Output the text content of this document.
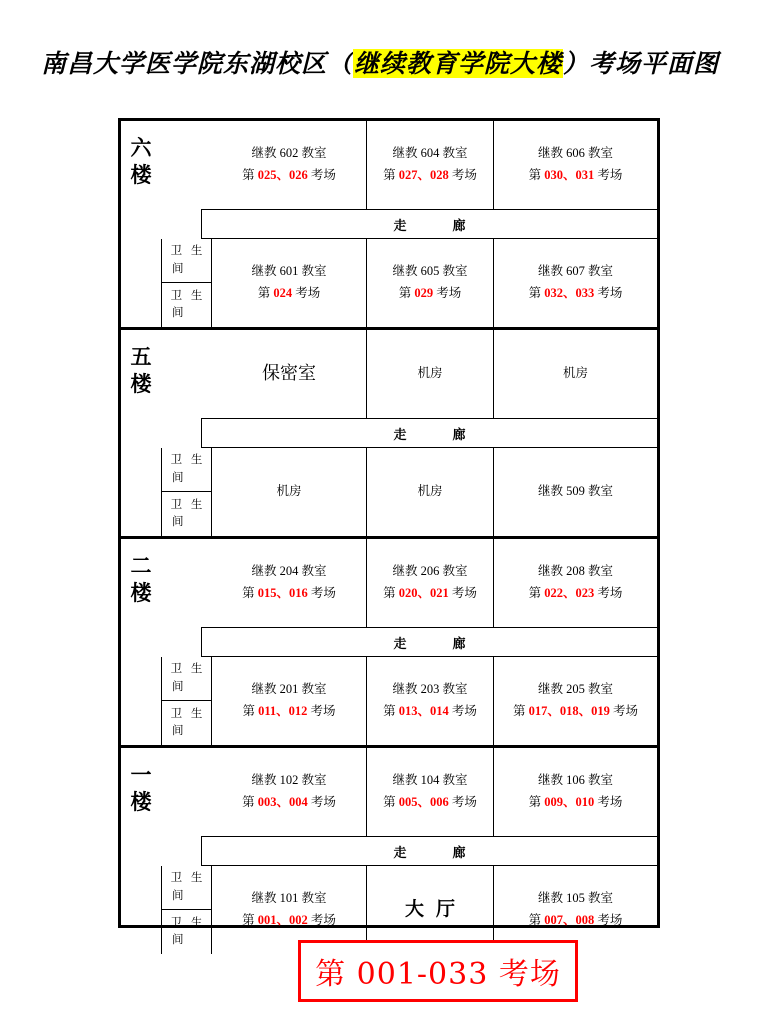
南昌大学医学院东湖校区（继续教育学院大楼）考场平面图
六楼
继教 602 教室
第 025、026 考场
继教 604 教室
第 027、028 考场
继教 606 教室
第 030、031 考场
走	廊
卫 生
间
卫 生
间
继教 601 教室
第 024 考场
继教 605 教室
第 029 考场
继教 607 教室
第 032、033 考场
五楼	保密室	机房	机房
走	廊
卫 生
间
卫 生
间
机房	机房	继教 509 教室
二楼
继教 204 教室
第 015、016 考场
继教 206 教室
第 020、021 考场
继教 208 教室
第 022、023 考场
走	廊
卫 生
间
卫 生
间
继教 201 教室
第 011、012 考场
继教 203 教室
第 013、014 考场
继教 205 教室
第 017、018、019 考场
一楼
继教 102 教室
第 003、004 考场
继教 104 教室
第 005、006 考场
继教 106 教室
第 009、010 考场
走	廊
卫 生
间
卫 生
间
继教 101 教室
第 001、002 考场	大厅
继教 105 教室
第 007、008 考场
第 001-033 考场
